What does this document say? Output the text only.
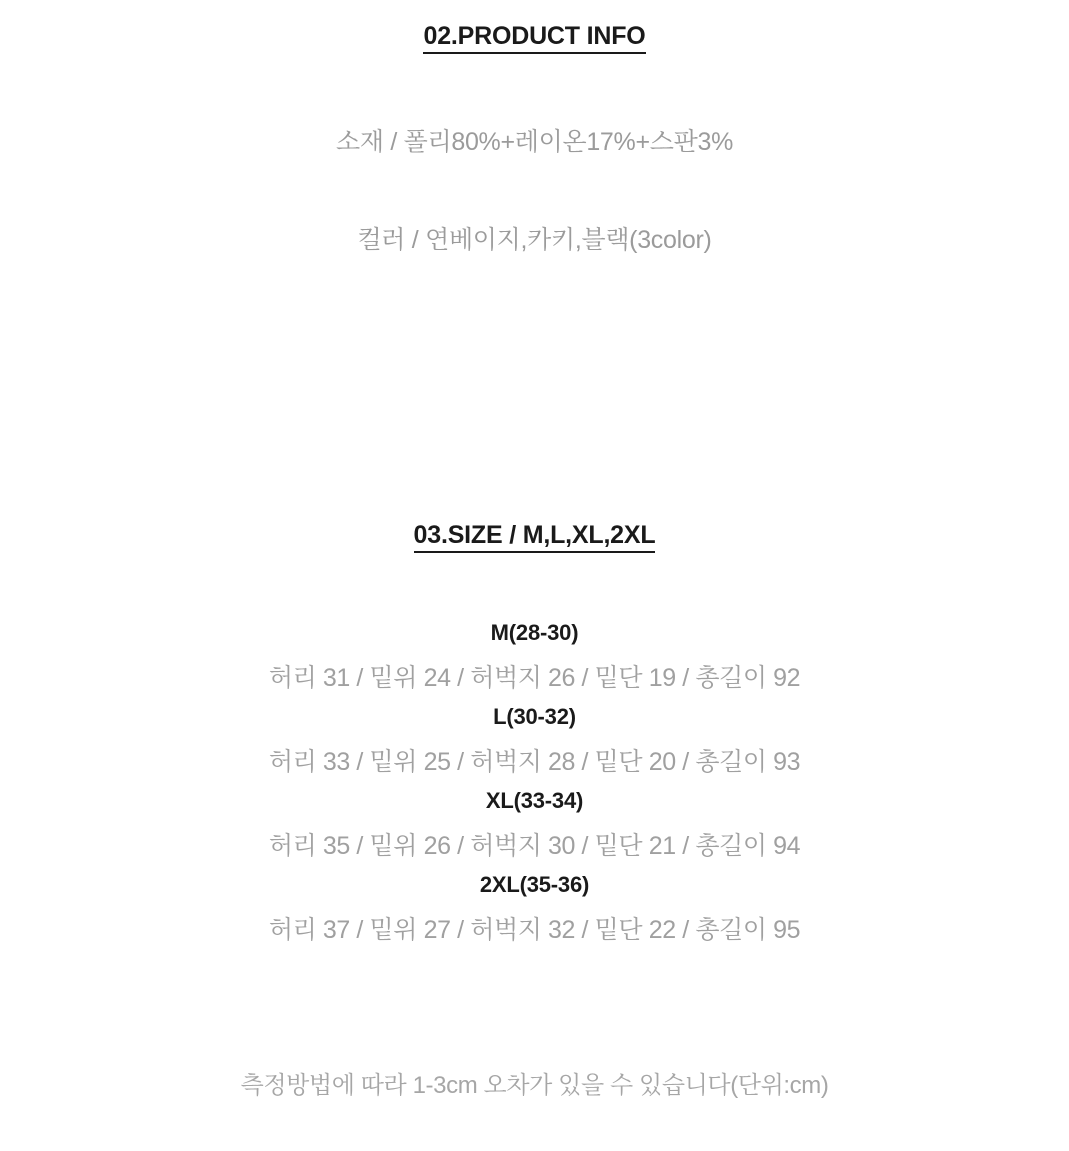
02.PRODUCT INFO
소재 / 폴리80%+레이온17%+스판3%
컬러 / 연베이지,카키,블랙(3color)
03.SIZE / M,L,XL,2XL
M(28-30)
허리 31 / 밑위 24 / 허벅지 26 / 밑단 19 / 총길이 92
L(30-32)
허리 33 / 밑위 25 / 허벅지 28 / 밑단 20 / 총길이 93
XL(33-34)
허리 35 / 밑위 26 / 허벅지 30 / 밑단 21 / 총길이 94
2XL(35-36)
허리 37 / 밑위 27 / 허벅지 32 / 밑단 22 / 총길이 95
측정방법에 따라 1-3cm 오차가 있을 수 있습니다(단위:cm)
